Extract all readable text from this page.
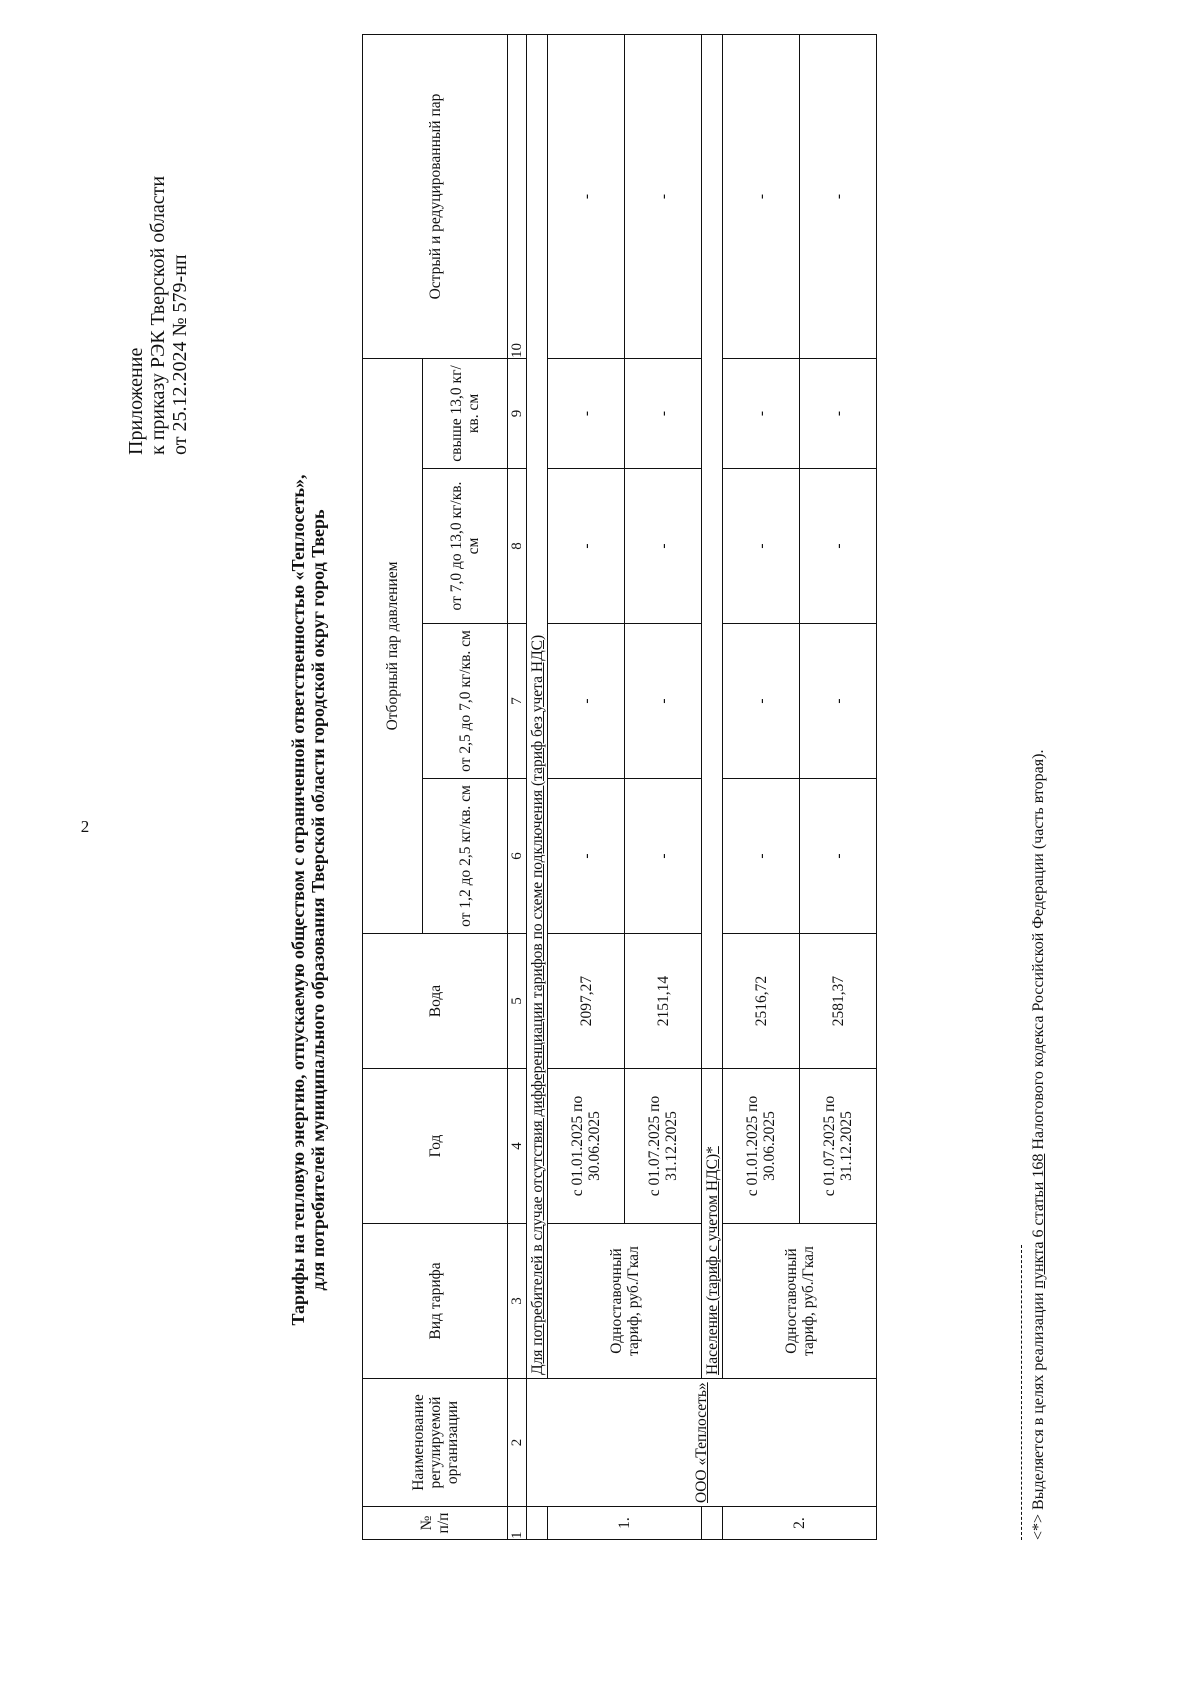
2
Приложение к приказу РЭК Тверской области от 25.12.2024 № 579-нп
Тарифы на тепловую энергию, отпускаемую обществом с ограниченной ответственностью «Теплосеть», для потребителей муниципального образования Тверской области городской округ город Тверь
№ п/п	Наименование регулируемой организации	Вид тарифа	Год	Вода	Отборный пар давлением				Острый и редуцированный пар
					от 1,2 до 2,5 кг/кв. см	от 2,5 до 7,0 кг/кв. см	от 7,0 до 13,0 кг/кв. см	свыше 13,0 кг/кв. см	
1	2	3	4	5	6	7	8	9	10
	ООО «Теплосеть»	Для потребителей в случае отсутствия дифференциации тарифов по схеме подключения (тариф без учета НДС)							
1.		Одноставочный тариф, руб./Гкал	с 01.01.2025 по 30.06.2025	2097,27	-	-	-	-	-
			с 01.07.2025 по 31.12.2025	2151,14	-	-	-	-	-
		Население (тариф с учетом НДС)*							
2.		Одноставочный тариф, руб./Гкал	с 01.01.2025 по 30.06.2025	2516,72	-	-	-	-	-
			с 01.07.2025 по 31.12.2025	2581,37	-	-	-	-	-
<*> Выделяется в целях реализации пункта 6 статьи 168 Налогового кодекса Российской Федерации (часть вторая).
